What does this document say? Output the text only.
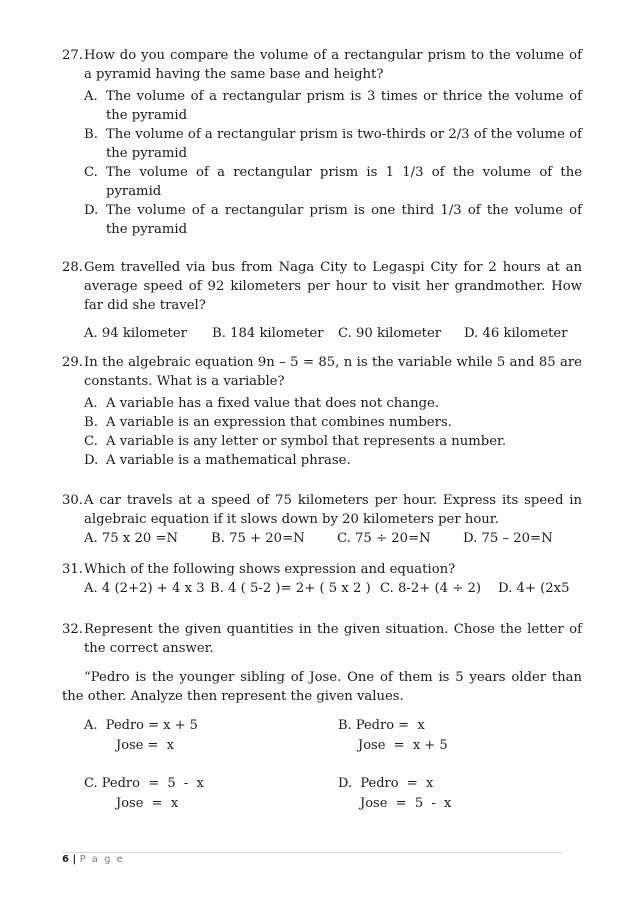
27. How do you compare the volume of a rectangular prism to the volume of a pyramid having the same base and height?
A. The volume of a rectangular prism is 3 times or thrice the volume of the pyramid
B. The volume of a rectangular prism is two-thirds or 2/3 of the volume of the pyramid
C. The volume of a rectangular prism is 1 1/3 of the volume of the pyramid
D. The volume of a rectangular prism is one third 1/3 of the volume of the pyramid
28. Gem travelled via bus from Naga City to Legaspi City for 2 hours at an average speed of 92 kilometers per hour to visit her grandmother. How far did she travel?
A. 94 kilometer	B. 184 kilometer	C. 90 kilometer	D. 46 kilometer
29. In the algebraic equation 9n – 5 = 85, n is the variable while 5 and 85 are constants. What is a variable?
A. A variable has a fixed value that does not change.
B. A variable is an expression that combines numbers.
C. A variable is any letter or symbol that represents a number.
D. A variable is a mathematical phrase.
30. A car travels at a speed of 75 kilometers per hour. Express its speed in algebraic equation if it slows down by 20 kilometers per hour.
A. 75 x 20 =N	B. 75 + 20=N	C. 75 ÷ 20=N	D. 75 – 20=N
31. Which of the following shows expression and equation?
A. 4 (2+2) + 4 x 3 B. 4 ( 5-2 )= 2+ ( 5 x 2 ) C. 8-2+ (4 ÷ 2)	D. 4+ (2x5
32. Represent the given quantities in the given situation. Chose the letter of the correct answer.
“Pedro is the younger sibling of Jose. One of them is 5 years older than the other. Analyze then represent the given values.
A.  Pedro = x + 5
Jose =  x
B. Pedro =  x
Jose  =  x + 5
C. Pedro  =  5  -  x
Jose  =  x
D.  Pedro  =  x
Jose  =  5  -  x
6 | P a g e
